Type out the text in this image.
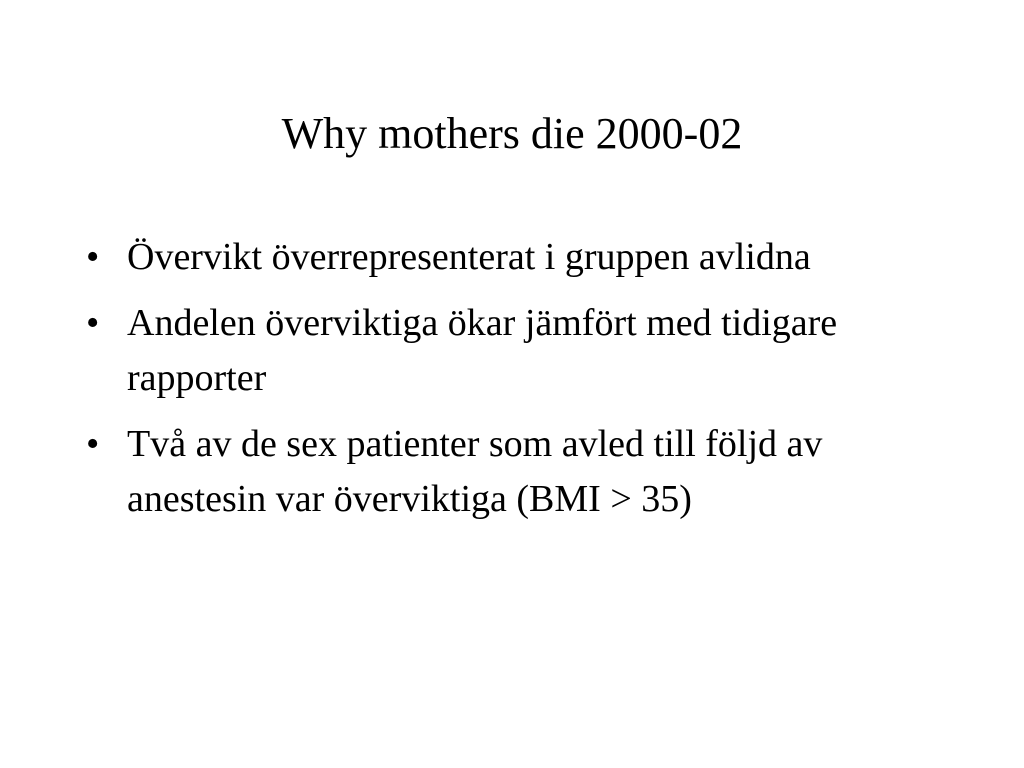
Why mothers die 2000-02
• Övervikt överrepresenterat i gruppen avlidna
• Andelen överviktiga ökar jämfört med tidigare rapporter
• Två av de sex patienter som avled till följd av anestesin var överviktiga (BMI > 35)
